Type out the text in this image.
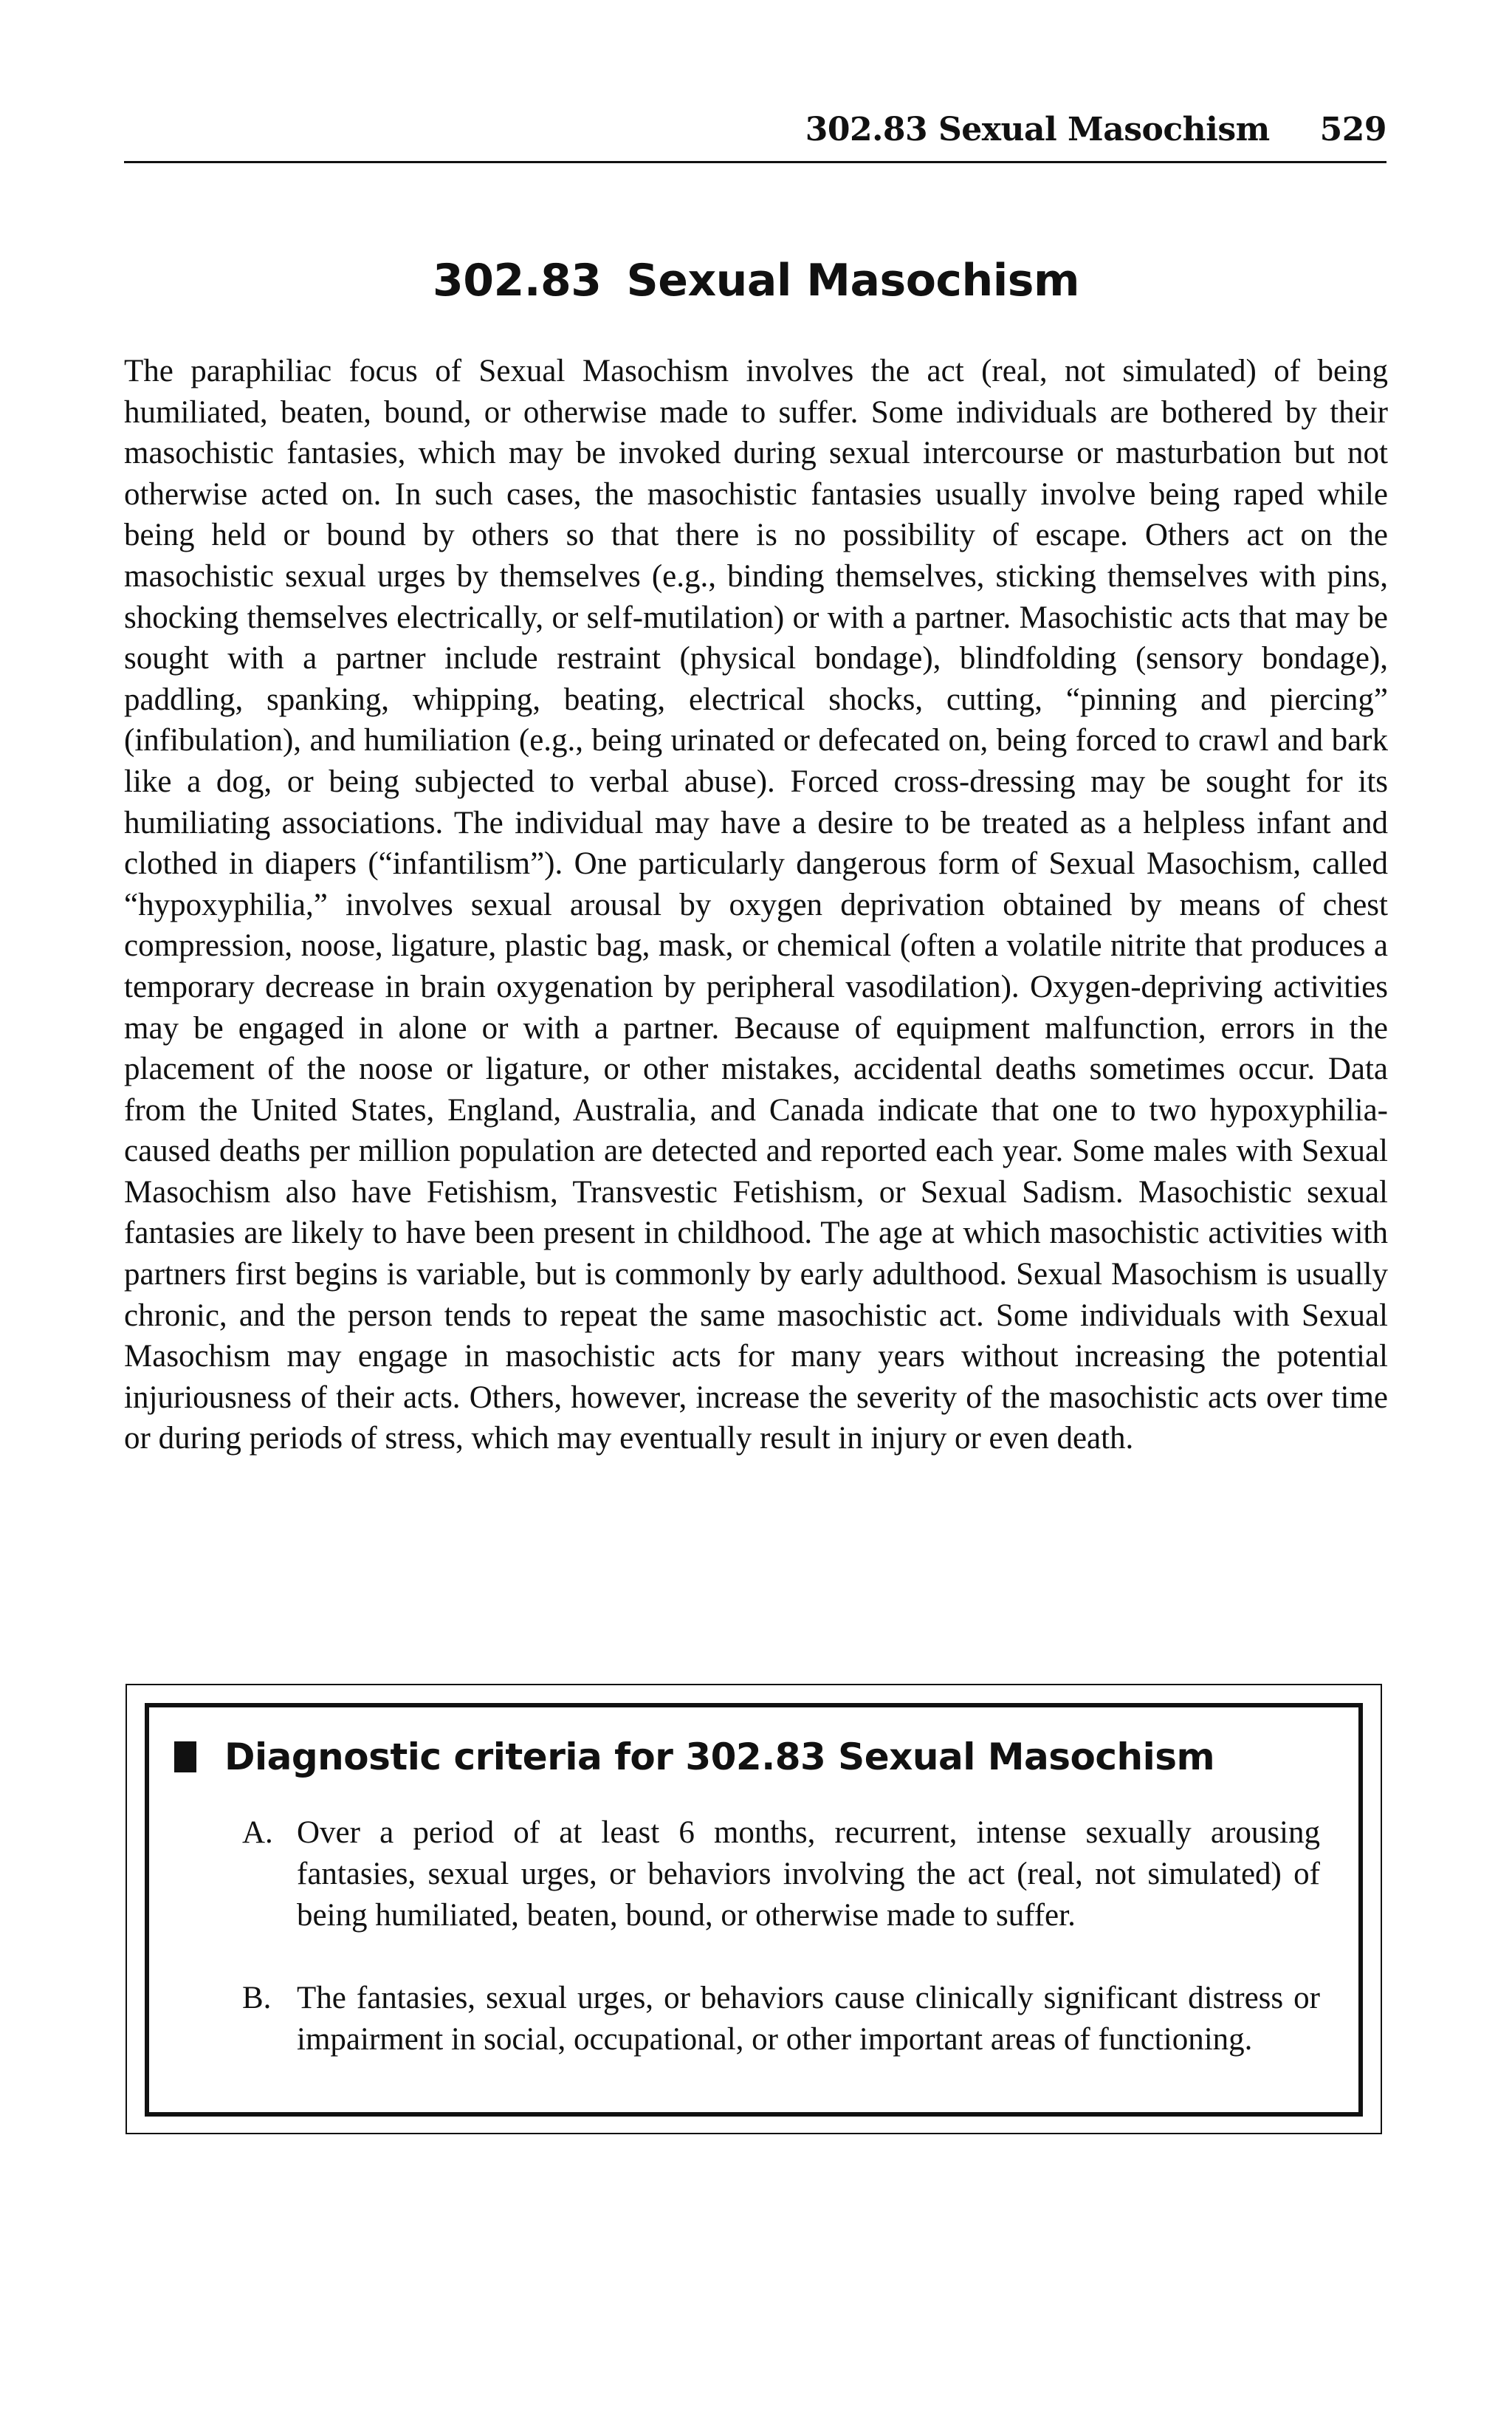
302.83 Sexual Masochism 529
302.83 Sexual Masochism

The paraphiliac focus of Sexual Masochism involves the act (real, not simulated) of being humiliated, beaten, bound, or otherwise made to suffer. Some individuals are bothered by their masochistic fantasies, which may be invoked during sexual intercourse or masturbation but not otherwise acted on. In such cases, the masochistic fantasies usually involve being raped while being held or bound by others so that there is no possibility of escape. Others act on the masochistic sexual urges by themselves (e.g., binding themselves, sticking themselves with pins, shocking themselves electrically, or self-mutilation) or with a partner. Masochistic acts that may be sought with a partner include restraint (physical bondage), blindfolding (sensory bondage), paddling, spanking, whipping, beating, electrical shocks, cutting, “pinning and piercing” (infibulation), and humiliation (e.g., being urinated or defecated on, being forced to crawl and bark like a dog, or being subjected to verbal abuse). Forced cross-dressing may be sought for its humiliating associations. The individual may have a desire to be treated as a helpless infant and clothed in diapers (“infantilism”). One particularly dangerous form of Sexual Masochism, called “hypoxyphilia,” involves sexual arousal by oxygen deprivation obtained by means of chest compression, noose, ligature, plastic bag, mask, or chemical (often a volatile nitrite that produces a temporary decrease in brain oxygenation by peripheral vasodilation). Oxygen-depriving activities may be engaged in alone or with a partner. Because of equipment malfunction, errors in the placement of the noose or ligature, or other mistakes, accidental deaths sometimes occur. Data from the United States, England, Australia, and Canada indicate that one to two hypoxyphilia-caused deaths per million population are detected and reported each year. Some males with Sexual Masochism also have Fetishism, Transvestic Fetishism, or Sexual Sadism. Masochistic sexual fantasies are likely to have been present in childhood. The age at which masochistic activities with partners first begins is variable, but is commonly by early adulthood. Sexual Masochism is usually chronic, and the person tends to repeat the same masochistic act. Some individuals with Sexual Masochism may engage in masochistic acts for many years without increasing the potential injuriousness of their acts. Others, however, increase the severity of the masochistic acts over time or during periods of stress, which may eventually result in injury or even death.

Diagnostic criteria for 302.83 Sexual Masochism
A. Over a period of at least 6 months, recurrent, intense sexually arousing fantasies, sexual urges, or behaviors involving the act (real, not simulated) of being humiliated, beaten, bound, or otherwise made to suffer.
B. The fantasies, sexual urges, or behaviors cause clinically significant distress or impairment in social, occupational, or other important areas of functioning.
